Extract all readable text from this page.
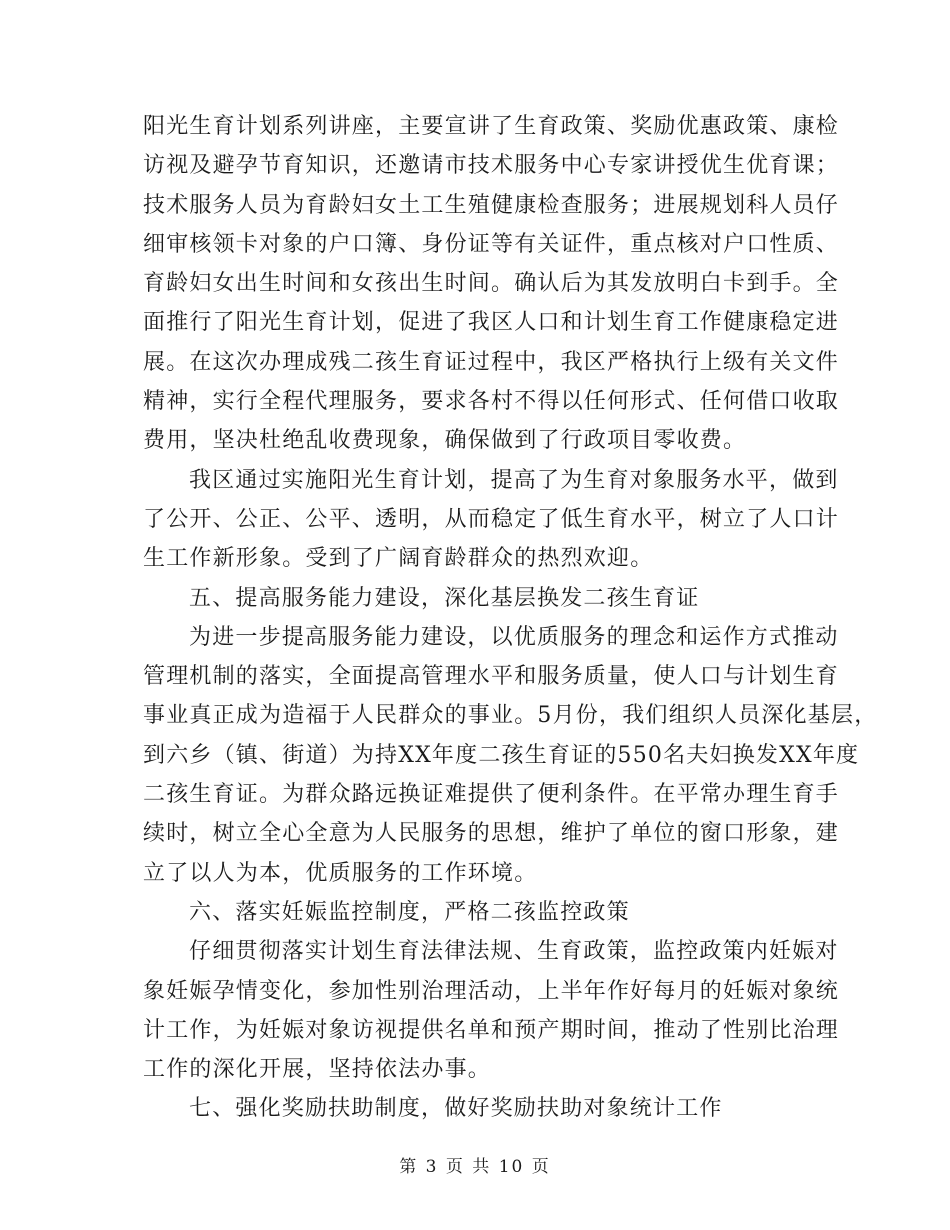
阳光生育计划系列讲座，主要宣讲了生育政策、奖励优惠政策、康检
访视及避孕节育知识，还邀请市技术服务中心专家讲授优生优育课；
技术服务人员为育龄妇女土工生殖健康检查服务；进展规划科人员仔
细审核领卡对象的户口簿、身份证等有关证件，重点核对户口性质、
育龄妇女出生时间和女孩出生时间。确认后为其发放明白卡到手。全
面推行了阳光生育计划，促进了我区人口和计划生育工作健康稳定进
展。在这次办理成残二孩生育证过程中，我区严格执行上级有关文件
精神，实行全程代理服务，要求各村不得以任何形式、任何借口收取
费用，坚决杜绝乱收费现象，确保做到了行政项目零收费。
我区通过实施阳光生育计划，提高了为生育对象服务水平，做到
了公开、公正、公平、透明，从而稳定了低生育水平，树立了人口计
生工作新形象。受到了广阔育龄群众的热烈欢迎。
五、提高服务能力建设，深化基层换发二孩生育证
为进一步提高服务能力建设，以优质服务的理念和运作方式推动
管理机制的落实，全面提高管理水平和服务质量，使人口与计划生育
事业真正成为造福于人民群众的事业。5月份，我们组织人员深化基层，
到六乡（镇、街道）为持XX年度二孩生育证的550名夫妇换发XX年度
二孩生育证。为群众路远换证难提供了便利条件。在平常办理生育手
续时，树立全心全意为人民服务的思想，维护了单位的窗口形象，建
立了以人为本，优质服务的工作环境。
六、落实妊娠监控制度，严格二孩监控政策
仔细贯彻落实计划生育法律法规、生育政策，监控政策内妊娠对
象妊娠孕情变化，参加性别治理活动，上半年作好每月的妊娠对象统
计工作，为妊娠对象访视提供名单和预产期时间，推动了性别比治理
工作的深化开展，坚持依法办事。
七、强化奖励扶助制度，做好奖励扶助对象统计工作
第 3 页 共 10 页
